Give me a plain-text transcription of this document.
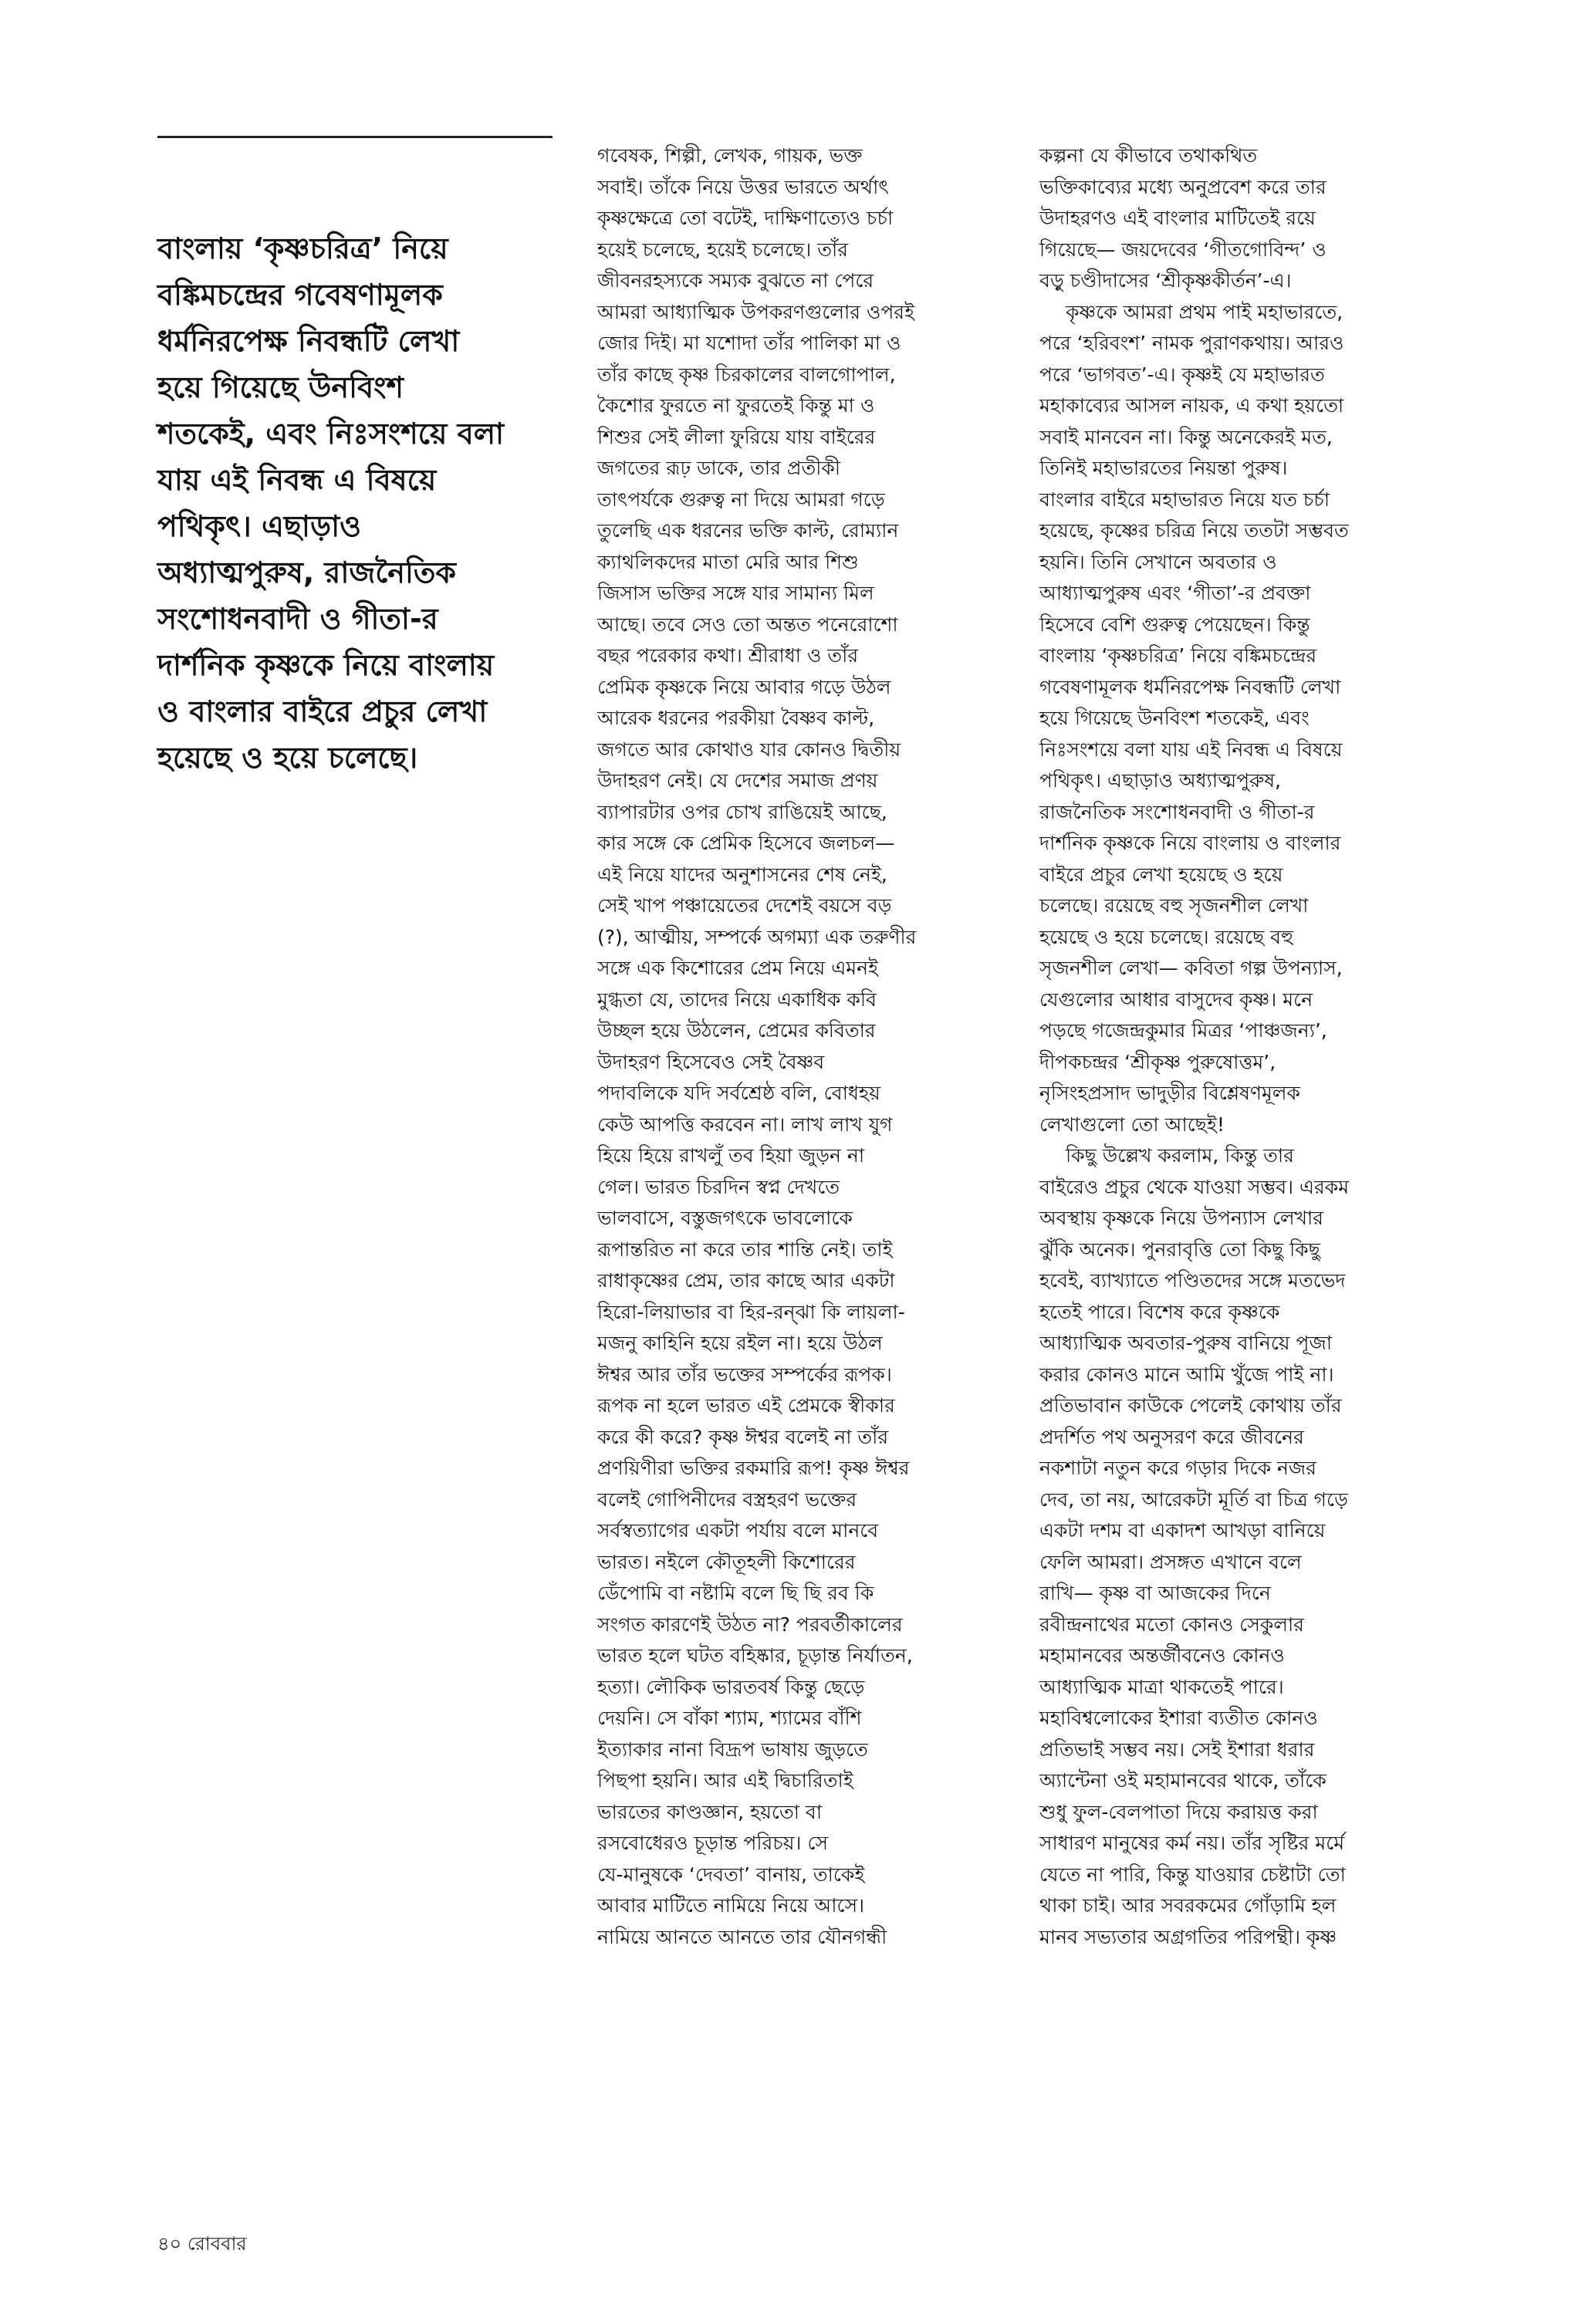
বাংলায় ‘কৃষ্ণচরিত্র’ নিয়ে
বঙ্কিমচন্দ্রের গবেষণামূলক
ধর্মনিরপেক্ষ নিবন্ধটি লেখা
হয়ে গিয়েছে উনবিংশ
শতকেই, এবং নিঃসংশয়ে বলা
যায় এই নিবন্ধ এ বিষয়ে
পথিকৃৎ। এছাড়াও
অধ্যাত্মপুরুষ, রাজনৈতিক
সংশোধনবাদী ও গীতা-র
দার্শনিক কৃষ্ণকে নিয়ে বাংলায়
ও বাংলার বাইরে প্রচুর লেখা
হয়েছে ও হয়ে চলেছে।
গবেষক, শিল্পী, লেখক, গায়ক, ভক্ত
সবাই। তাঁকে নিয়ে উত্তর ভারতে অর্থাৎ
কৃষ্ণক্ষেত্রে তো বটেই, দাক্ষিণাত্যেও চর্চা
হয়েই চলেছে, হয়েই চলেছে। তাঁর
জীবনরহস্যকে সম্যক বুঝতে না পেরে
আমরা আধ্যাত্মিক উপকরণগুলোর ওপরই
জোর দিই। মা যশোদা তাঁর পালিকা মা ও
তাঁর কাছে কৃষ্ণ চিরকালের বালগোপাল,
কৈশোর ফুরতে না ফুরতেই কিন্তু মা ও
শিশুর সেই লীলা ফুরিয়ে যায় বাইরের
জগতের রূঢ় ডাকে, তার প্রতীকী
তাৎপর্যকে গুরুত্ব না দিয়ে আমরা গড়ে
তুলেছি এক ধরনের ভক্তি কাল্ট, রোম্যান
ক্যাথলিকদের মাতা মেরি আর শিশু
জিসাস ভক্তির সঙ্গে যার সামান্য মিল
আছে। তবে সেও তো অন্তত পনেরোশো
বছর পরেকার কথা। শ্রীরাধা ও তাঁর
প্রেমিক কৃষ্ণকে নিয়ে আবার গড়ে উঠল
আরেক ধরনের পরকীয়া বৈষ্ণব কাল্ট,
জগতে আর কোথাও যার কোনও দ্বিতীয়
উদাহরণ নেই। যে দেশের সমাজ প্রণয়
ব্যাপারটার ওপর চোখ রাঙিয়েই আছে,
কার সঙ্গে কে প্রেমিক হিসেবে জলচল—
এই নিয়ে যাদের অনুশাসনের শেষ নেই,
সেই খাপ পঞ্চায়েতের দেশেই বয়সে বড়
(?), আত্মীয়, সম্পর্কে অগম্যা এক তরুণীর
সঙ্গে এক কিশোরের প্রেম নিয়ে এমনই
মুগ্ধতা যে, তাদের নিয়ে একাধিক কবি
উচ্ছল হয়ে উঠলেন, প্রেমের কবিতার
উদাহরণ হিসেবেও সেই বৈষ্ণব
পদাবলিকে যদি সর্বশ্রেষ্ঠ বলি, বোধহয়
কেউ আপত্তি করবেন না। লাখ লাখ যুগ
হিয়ে হিয়ে রাখলুঁ তব হিয়া জুড়ন না
গেল। ভারত চিরদিন স্বপ্ন দেখতে
ভালবাসে, বস্তুজগৎকে ভাবলোকে
রূপান্তরিত না করে তার শান্তি নেই। তাই
রাধাকৃষ্ণের প্রেম, তার কাছে আর একটা
হিরো-লিয়াভার বা হির-রন্ঝা কি লায়লা-
মজনু কাহিনি হয়ে রইল না। হয়ে উঠল
ঈশ্বর আর তাঁর ভক্তের সম্পর্কের রূপক।
রূপক না হলে ভারত এই প্রেমকে স্বীকার
করে কী করে? কৃষ্ণ ঈশ্বর বলেই না তাঁর
প্রণয়িণীরা ভক্তির রকমারি রূপ! কৃষ্ণ ঈশ্বর
বলেই গোপিনীদের বস্ত্রহরণ ভক্তের
সর্বস্বত্যাগের একটা পর্যায় বলে মানবে
ভারত। নইলে কৌতূহলী কিশোরের
ডেঁপোমি বা নষ্টামি বলে ছি ছি রব কি
সংগত কারণেই উঠত না? পরবর্তীকালের
ভারত হলে ঘটত বহিষ্কার, চূড়ান্ত নির্যাতন,
হত্যা। লৌকিক ভারতবর্ষ কিন্তু ছেড়ে
দেয়নি। সে বাঁকা শ্যাম, শ্যামের বাঁশি
ইত্যাকার নানা বিদ্রূপ ভাষায় জুড়তে
পিছপা হয়নি। আর এই দ্বিচারিতাই
ভারতের কাণ্ডজ্ঞান, হয়তো বা
রসবোধেরও চূড়ান্ত পরিচয়। সে
যে-মানুষকে ‘দেবতা’ বানায়, তাকেই
আবার মাটিতে নামিয়ে নিয়ে আসে।
নামিয়ে আনতে আনতে তার যৌনগন্ধী
কল্পনা যে কীভাবে তথাকথিত
ভক্তিকাব্যের মধ্যে অনুপ্রবেশ করে তার
উদাহরণও এই বাংলার মাটিতেই রয়ে
গিয়েছে— জয়দেবের ‘গীতগোবিন্দ’ ও
বড়ু চণ্ডীদাসের ‘শ্রীকৃষ্ণকীর্তন’-এ।
কৃষ্ণকে আমরা প্রথম পাই মহাভারতে,
পরে ‘হরিবংশ’ নামক পুরাণকথায়। আরও
পরে ‘ভাগবত’-এ। কৃষ্ণই যে মহাভারত
মহাকাব্যের আসল নায়ক, এ কথা হয়তো
সবাই মানবেন না। কিন্তু অনেকেরই মত,
তিনিই মহাভারতের নিয়ন্তা পুরুষ।
বাংলার বাইরে মহাভারত নিয়ে যত চর্চা
হয়েছে, কৃষ্ণের চরিত্র নিয়ে ততটা সম্ভবত
হয়নি। তিনি সেখানে অবতার ও
আধ্যাত্মপুরুষ এবং ‘গীতা’-র প্রবক্তা
হিসেবে বেশি গুরুত্ব পেয়েছেন। কিন্তু
বাংলায় ‘কৃষ্ণচরিত্র’ নিয়ে বঙ্কিমচন্দ্রের
গবেষণামূলক ধর্মনিরপেক্ষ নিবন্ধটি লেখা
হয়ে গিয়েছে উনবিংশ শতকেই, এবং
নিঃসংশয়ে বলা যায় এই নিবন্ধ এ বিষয়ে
পথিকৃৎ। এছাড়াও অধ্যাত্মপুরুষ,
রাজনৈতিক সংশোধনবাদী ও গীতা-র
দার্শনিক কৃষ্ণকে নিয়ে বাংলায় ও বাংলার
বাইরে প্রচুর লেখা হয়েছে ও হয়ে
চলেছে। রয়েছে বহু সৃজনশীল লেখা
হয়েছে ও হয়ে চলেছে। রয়েছে বহু
সৃজনশীল লেখা— কবিতা গল্প উপন্যাস,
যেগুলোর আধার বাসুদেব কৃষ্ণ। মনে
পড়ছে গজেন্দ্রকুমার মিত্রর ‘পাঞ্চজন্য’,
দীপকচন্দ্রর ‘শ্রীকৃষ্ণ পুরুষোত্তম’,
নৃসিংহপ্রসাদ ভাদুড়ীর বিশ্লেষণমূলক
লেখাগুলো তো আছেই!
কিছু উল্লেখ করলাম, কিন্তু তার
বাইরেও প্রচুর থেকে যাওয়া সম্ভব। এরকম
অবস্থায় কৃষ্ণকে নিয়ে উপন্যাস লেখার
ঝুঁকি অনেক। পুনরাবৃত্তি তো কিছু কিছু
হবেই, ব্যাখ্যাতে পণ্ডিতদের সঙ্গে মতভেদ
হতেই পারে। বিশেষ করে কৃষ্ণকে
আধ্যাত্মিক অবতার-পুরুষ বানিয়ে পূজা
করার কোনও মানে আমি খুঁজে পাই না।
প্রতিভাবান কাউকে পেলেই কোথায় তাঁর
প্রদর্শিত পথ অনুসরণ করে জীবনের
নকশাটা নতুন করে গড়ার দিকে নজর
দেব, তা নয়, আরেকটা মূর্তি বা চিত্র গড়ে
একটা দশম বা একাদশ আখড়া বানিয়ে
ফেলি আমরা। প্রসঙ্গত এখানে বলে
রাখি— কৃষ্ণ বা আজকের দিনে
রবীন্দ্রনাথের মতো কোনও সেকুলার
মহামানবের অন্তর্জীবনেও কোনও
আধ্যাত্মিক মাত্রা থাকতেই পারে।
মহাবিশ্বলোকের ইশারা ব্যতীত কোনও
প্রতিভাই সম্ভব নয়। সেই ইশারা ধরার
অ্যান্টেনা ওই মহামানবের থাকে, তাঁকে
শুধু ফুল-বেলপাতা দিয়ে করায়ত্ত করা
সাধারণ মানুষের কর্ম নয়। তাঁর সৃষ্টির মর্মে
যেতে না পারি, কিন্তু যাওয়ার চেষ্টাটা তো
থাকা চাই। আর সবরকমের গোঁড়ামি হল
মানব সভ্যতার অগ্রগতির পরিপন্থী। কৃষ্ণ
৪০ রোববার
